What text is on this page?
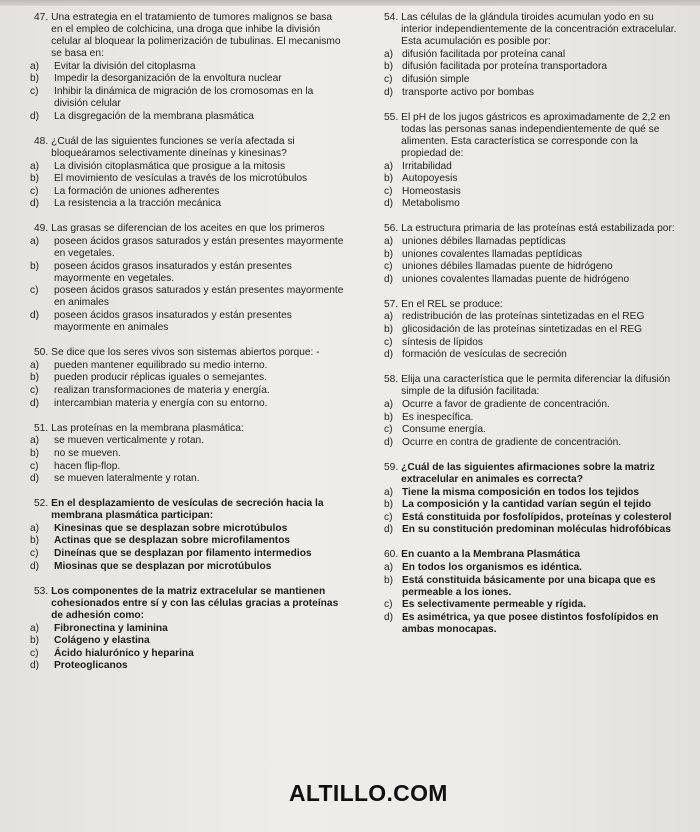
47. Una estrategia en el tratamiento de tumores malignos se basa en el empleo de colchicina, una droga que inhibe la división celular al bloquear la polimerización de tubulinas. El mecanismo se basa en:
a)	Evitar la división del citoplasma
b)	Impedir la desorganización de la envoltura nuclear
c)	Inhibir la dinámica de migración de los cromosomas en la división celular
d)	La disgregación de la membrana plasmática
48. ¿Cuál de las siguientes funciones se vería afectada si bloqueáramos selectivamente dineínas y kinesinas?
a)	La división citoplasmática que prosigue a la mitosis
b)	El movimiento de vesículas a través de los microtúbulos
c)	La formación de uniones adherentes
d)	La resistencia a la tracción mecánica
49. Las grasas se diferencian de los aceites en que los primeros
a)	poseen ácidos grasos saturados y están presentes mayormente en vegetales.
b)	poseen ácidos grasos insaturados y están presentes mayormente en vegetales.
c)	poseen ácidos grasos saturados y están presentes mayormente en animales
d)	poseen ácidos grasos insaturados y están presentes mayormente en animales
50. Se dice que los seres vivos son sistemas abiertos porque: -
a)	pueden mantener equilibrado su medio interno.
b)	pueden producir réplicas iguales o semejantes.
c)	realizan transformaciones de materia y energía.
d)	intercambian materia y energía con su entorno.
51. Las proteínas en la membrana plasmática:
a)	se mueven verticalmente y rotan.
b)	no se mueven.
c)	hacen flip-flop.
d)	se mueven lateralmente y rotan.
52. En el desplazamiento de vesículas de secreción hacia la membrana plasmática participan:
a)	Kinesinas que se desplazan sobre microtúbulos
b)	Actinas que se desplazan sobre microfilamentos
c)	Dineínas que se desplazan por filamento intermedios
d)	Miosinas que se desplazan por microtúbulos
53. Los componentes de la matriz extracelular se mantienen cohesionados entre sí y con las células gracias a proteínas de adhesión como:
a)	Fibronectina y laminina
b)	Colágeno y elastina
c)	Ácido hialurónico y heparina
d)	Proteoglicanos
54. Las células de la glándula tiroides acumulan yodo en su interior independientemente de la concentración extracelular. Esta acumulación es posible por:
a) difusión facilitada por proteína canal
b) difusión facilitada por proteína transportadora
c) difusión simple
d) transporte activo por bombas
55. El pH de los jugos gástricos es aproximadamente de 2,2 en todas las personas sanas independientemente de qué se alimenten. Esta característica se corresponde con la propiedad de:
a) Irritabilidad
b) Autopoyesis
c) Homeostasis
d) Metabolismo
56. La estructura primaria de las proteínas está estabilizada por:
a) uniones débiles llamadas peptídicas
b) uniones covalentes llamadas peptídicas
c) uniones débiles llamadas puente de hidrógeno
d) uniones covalentes llamadas puente de hidrógeno
57. En el REL se produce:
a) redistribución de las proteínas sintetizadas en el REG
b) glicosidación de las proteínas sintetizadas en el REG
c) síntesis de lípidos
d) formación de vesículas de secreción
58. Elija una característica que le permita diferenciar la difusión simple de la difusión facilitada:
a) Ocurre a favor de gradiente de concentración.
b) Es inespecífica.
c) Consume energía.
d) Ocurre en contra de gradiente de concentración.
59. ¿Cuál de las siguientes afirmaciones sobre la matriz extracelular en animales es correcta?
a) Tiene la misma composición en todos los tejidos
b) La composición y la cantidad varían según el tejido
c) Está constituida por fosfolípidos, proteínas y colesterol
d) En su constitución predominan moléculas hidrofóbicas
60. En cuanto a la Membrana Plasmática
a) En todos los organismos es idéntica.
b) Está constituida básicamente por una bicapa que es permeable a los iones.
c) Es selectivamente permeable y rígida.
d) Es asimétrica, ya que posee distintos fosfolípidos en ambas monocapas.
ALTILLO.COM
